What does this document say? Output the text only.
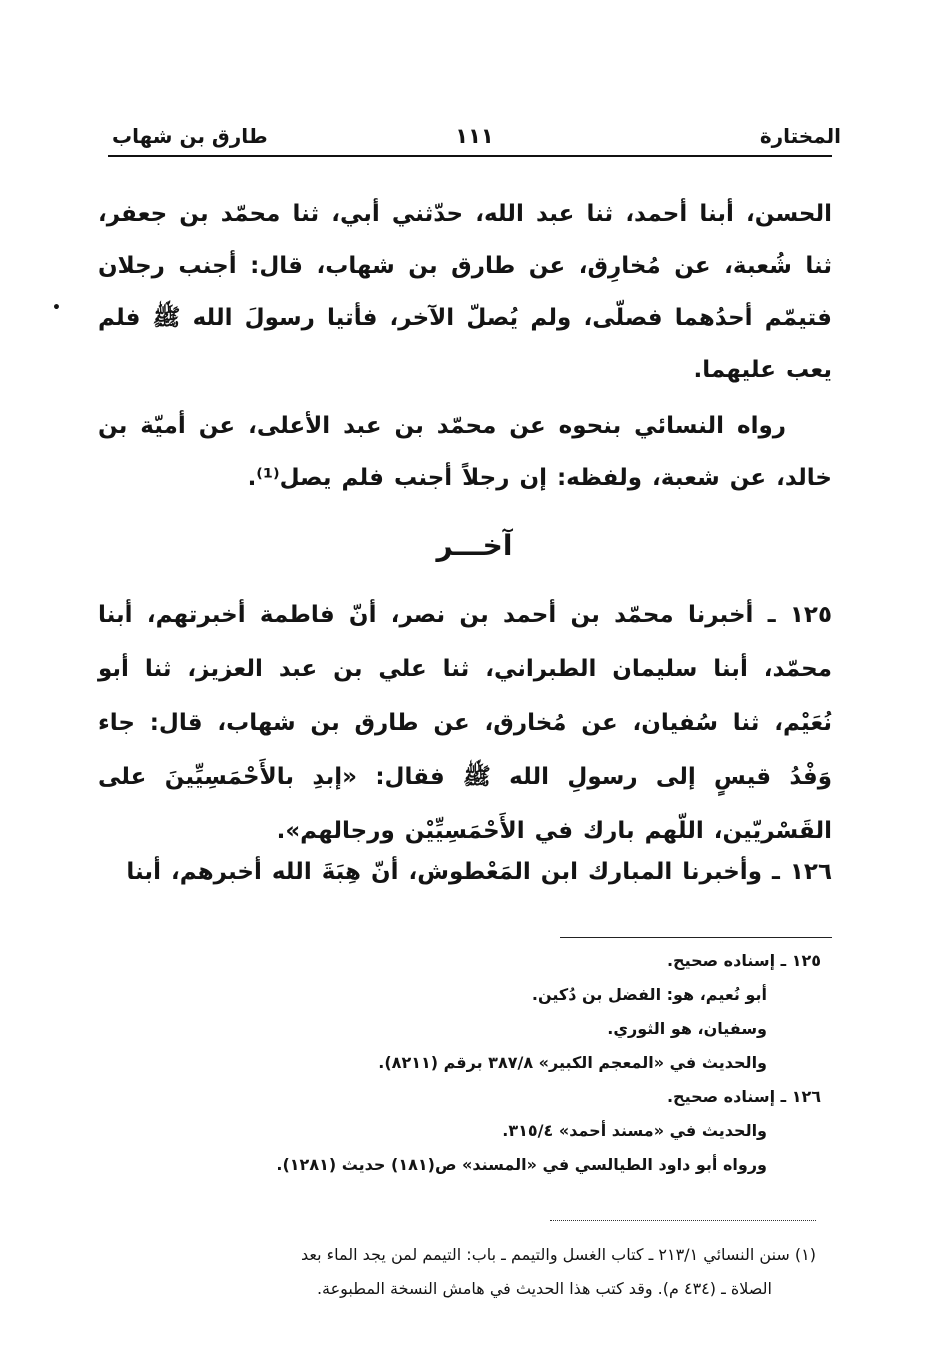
المختارة
١١١
طارق بن شهاب
•
الحسن، أبنا أحمد، ثنا عبد الله، حدّثني أبي، ثنا محمّد بن جعفر، ثنا شُعبة، عن مُخارِق، عن طارق بن شهاب، قال: أجنب رجلان فتيمّم أحدُهما فصلّى، ولم يُصلّ الآخر، فأتيا رسولَ الله ﷺ فلم يعب عليهما.
رواه النسائي بنحوه عن محمّد بن عبد الأعلى، عن أميّة بن خالد، عن شعبة، ولفظه: إن رجلاً أجنب فلم يصل⁽¹⁾.
آخـــر
١٢٥ ـ أخبرنا محمّد بن أحمد بن نصر، أنّ فاطمة أخبرتهم، أبنا محمّد، أبنا سليمان الطبراني، ثنا علي بن عبد العزيز، ثنا أبو نُعَيْم، ثنا سُفيان، عن مُخارق، عن طارق بن شهاب، قال: جاء وَفْدُ قيسٍ إلى رسولِ الله ﷺ فقال: «إبدِ بالأَحْمَسِيِّينَ على القَسْريّين، اللّهم بارك في الأَحْمَسِيِّيْن ورجالهم».
١٢٦ ـ وأخبرنا المبارك ابن المَعْطوش، أنّ هِبَةَ الله أخبرهم، أبنا
١٢٥ ـ إسناده صحيح.
أبو نُعيم، هو: الفضل بن دُكين.
وسفيان، هو الثوري.
والحديث في «المعجم الكبير» ٣٨٧/٨ برقم (٨٢١١).
١٢٦ ـ إسناده صحيح.
والحديث في «مسند أحمد» ٣١٥/٤.
ورواه أبو داود الطيالسي في «المسند» ص(١٨١) حديث (١٢٨١).
(١) سنن النسائي ٢١٣/١ ـ كتاب الغسل والتيمم ـ باب: التيمم لمن يجد الماء بعد
الصلاة ـ (٤٣٤ م). وقد كتب هذا الحديث في هامش النسخة المطبوعة.
